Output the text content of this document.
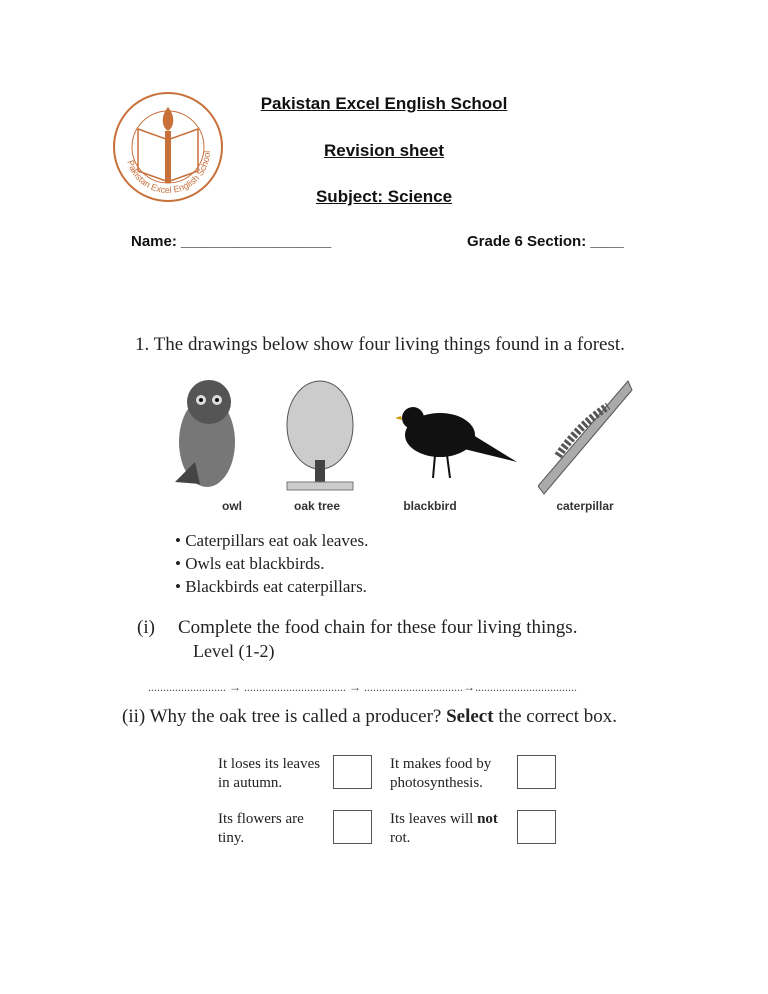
Pakistan Excel English School
Pakistan Excel English School
Revision sheet
Subject: Science
Name: __________________	Grade 6 Section: ____
1. The drawings below show four living things found in a forest.
owl	oak tree	blackbird	caterpillar
• Caterpillars eat oak leaves.
• Owls eat blackbirds.
• Blackbirds eat caterpillars.
(i) Complete the food chain for these four living things.
Level (1-2)
.......................... → .................................. → .................................→..................................
(ii) Why the oak tree is called a producer? Select the correct box.
It loses its leaves
in autumn.
It makes food by
photosynthesis.
Its flowers are
tiny.
Its leaves will not
rot.
